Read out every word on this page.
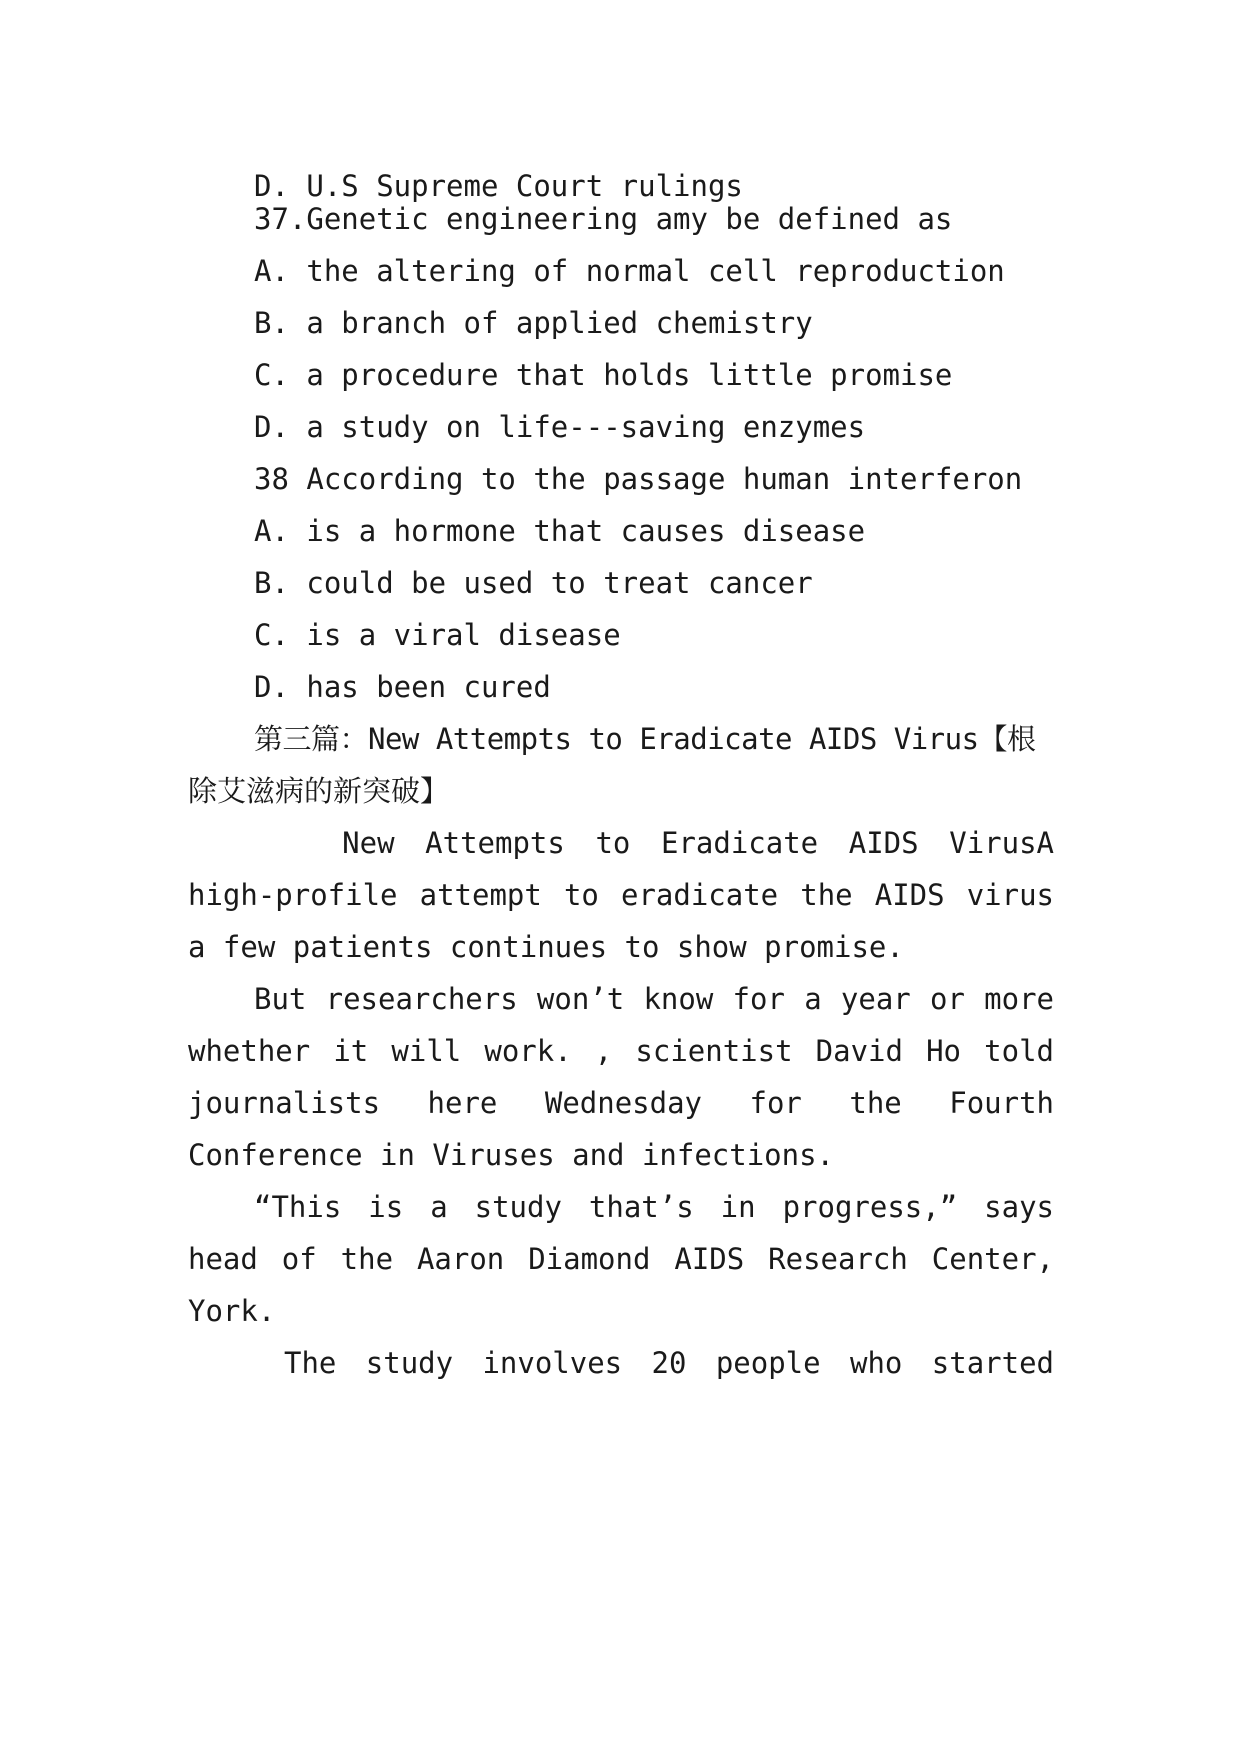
D. U.S Supreme Court rulings
37.Genetic engineering amy be defined as
A. the altering of normal cell reproduction
B. a branch of applied chemistry
C. a procedure that holds little promise
D. a study on life---saving enzymes
38 According to the passage human interferon
A. is a hormone that causes disease
B. could be used to treat cancer
C. is a viral disease
D. has been cured
第三篇：New Attempts to Eradicate AIDS Virus【根
除艾滋病的新突破】
　New Attempts to Eradicate AIDS VirusA
high-profile attempt to eradicate the AIDS virus
a few patients continues to show promise.
But researchers won’t know for a year or more
whether it will work. , scientist David Ho told
journalists here Wednesday for the Fourth
Conference in Viruses and infections.
“This is a study that’s in progress,” says
head of the Aaron Diamond AIDS Research Center,
York.
The study involves 20 people who started
